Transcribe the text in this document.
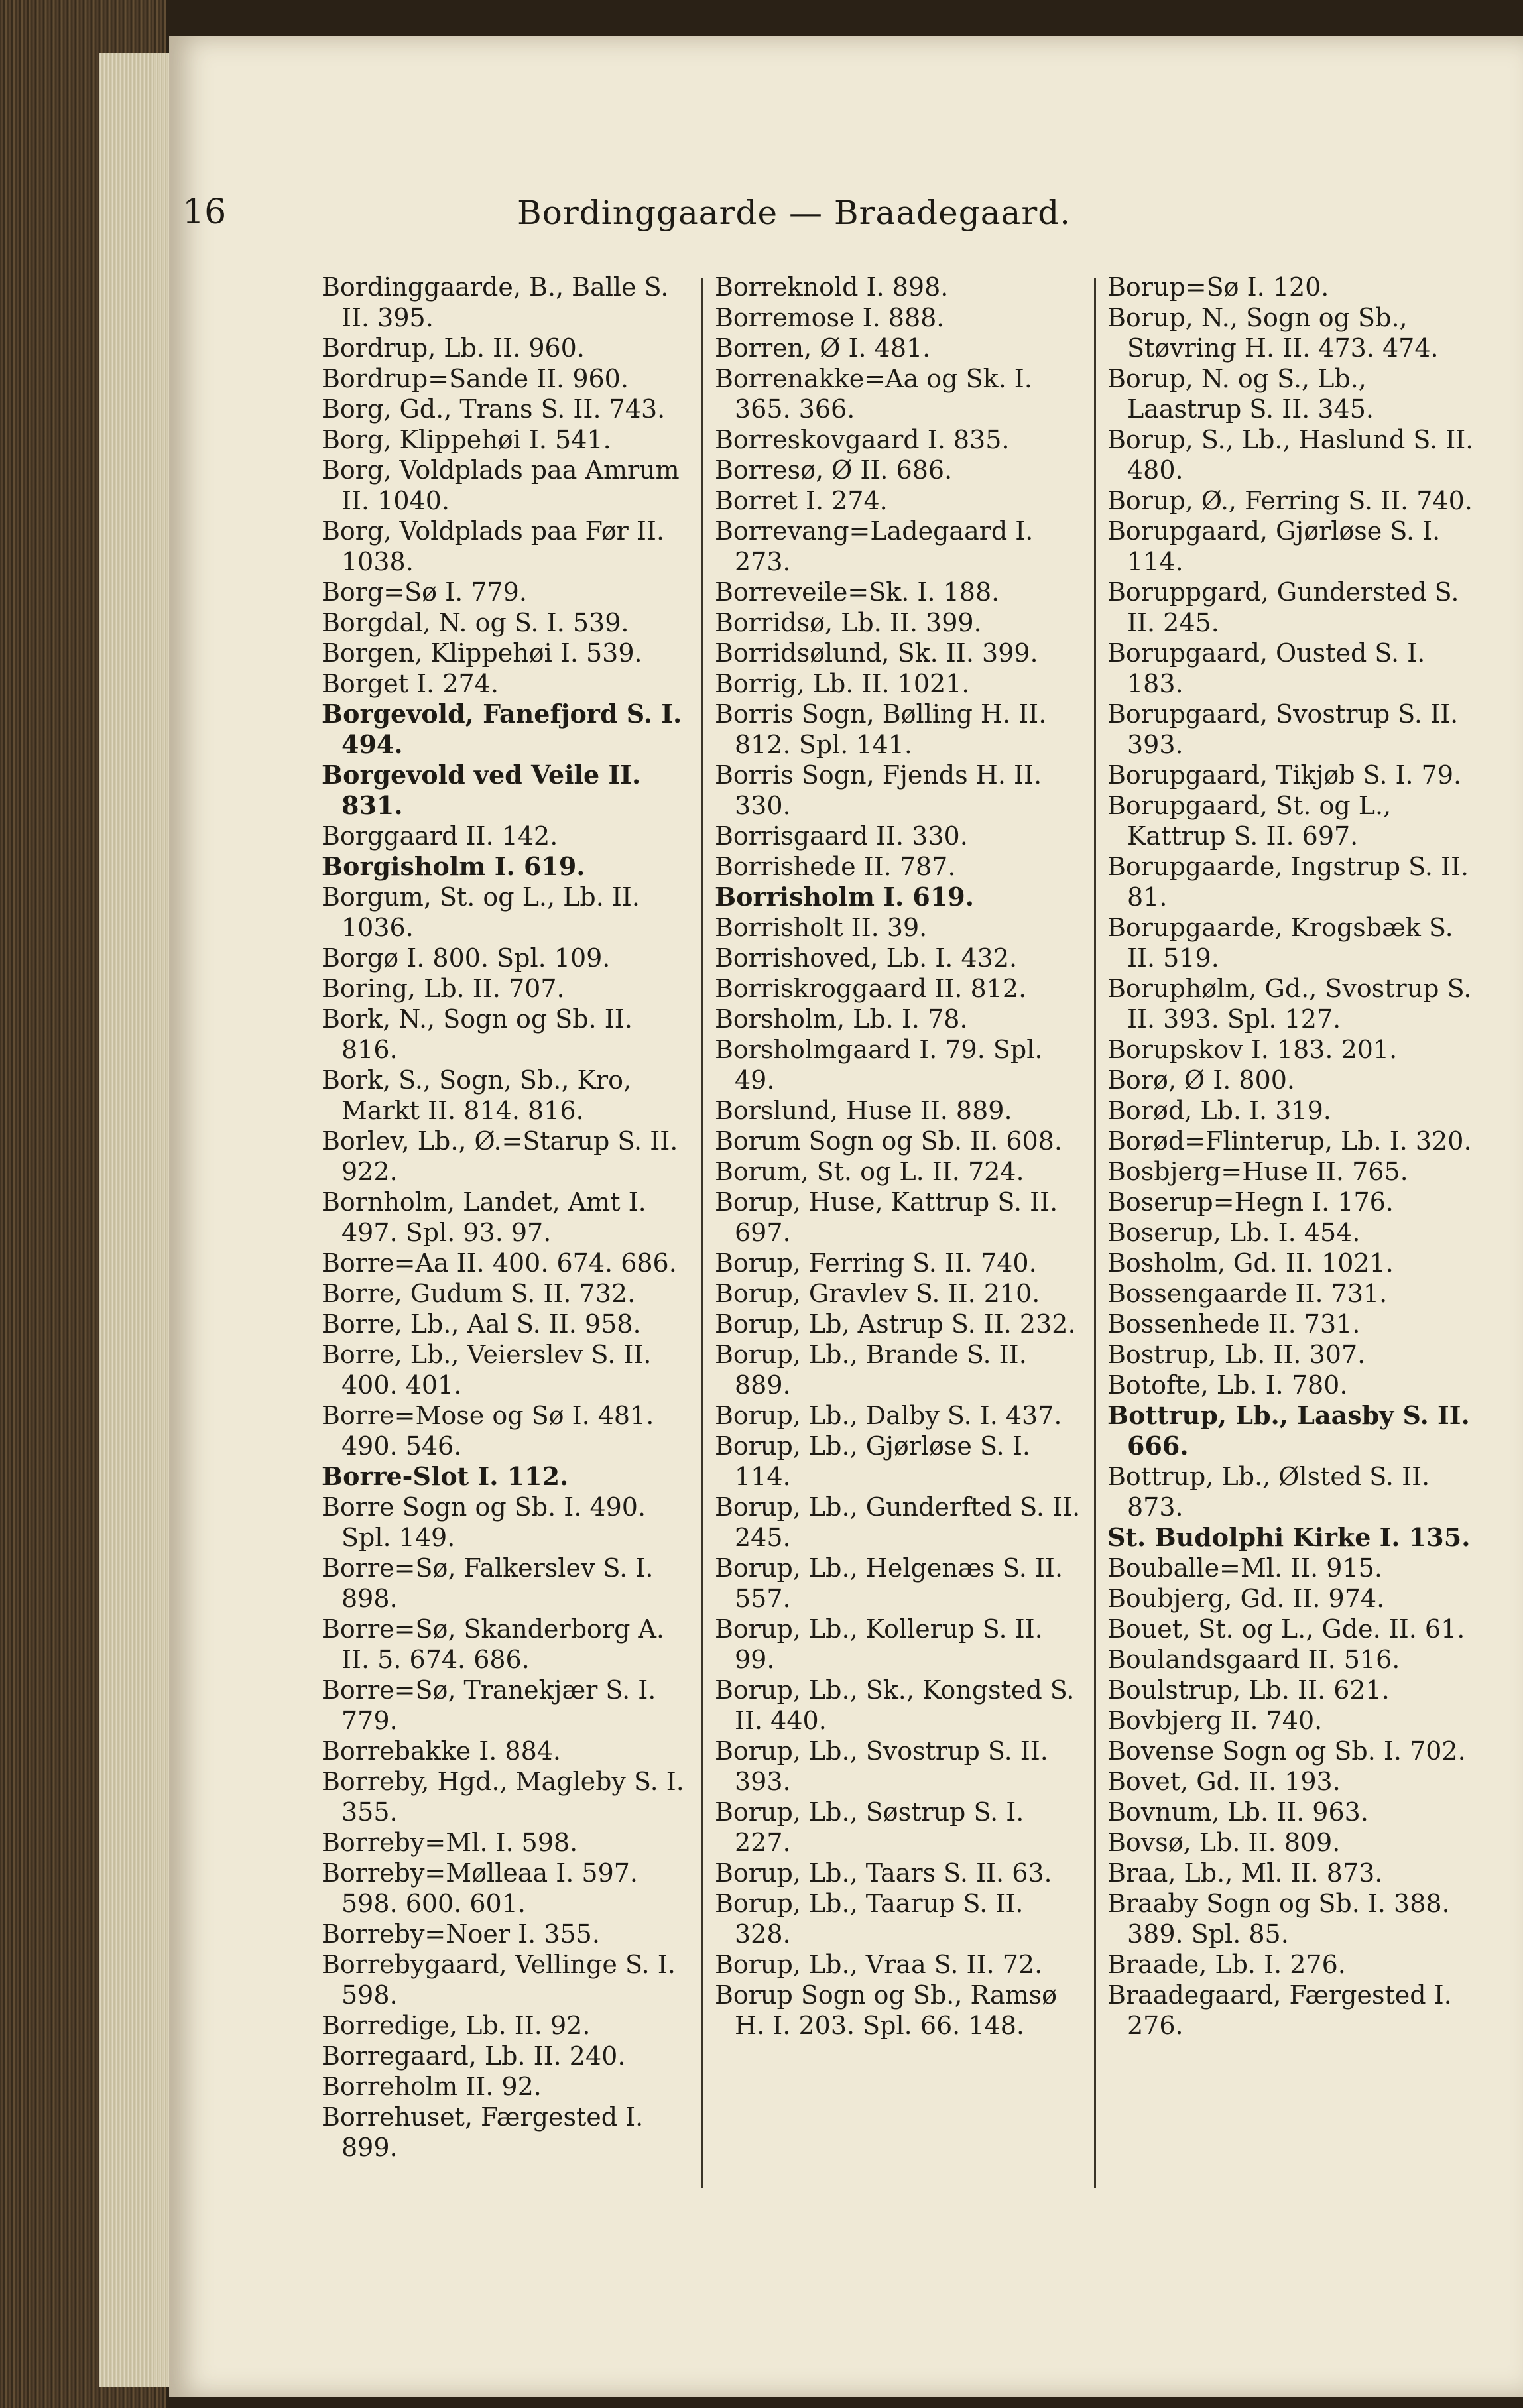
16	Bordinggaarde — Braadegaard.
Bordinggaarde, B., Balle S. II. 395.
Bordrup, Lb. II. 960.
Bordrup=Sande II. 960.
Borg, Gd., Trans S. II. 743.
Borg, Klippehøi I. 541.
Borg, Voldplads paa Amrum II. 1040.
Borg, Voldplads paa Før II. 1038.
Borg=Sø I. 779.
Borgdal, N. og S. I. 539.
Borgen, Klippehøi I. 539.
Borget I. 274.
Borgevold, Fanefjord S. I. 494.
Borgevold ved Veile II. 831.
Borggaard II. 142.
Borgisholm I. 619.
Borgum, St. og L., Lb. II. 1036.
Borgø I. 800. Spl. 109.
Boring, Lb. II. 707.
Bork, N., Sogn og Sb. II. 816.
Bork, S., Sogn, Sb., Kro, Markt II. 814. 816.
Borlev, Lb., Ø.=Starup S. II. 922.
Bornholm, Landet, Amt I. 497. Spl. 93. 97.
Borre=Aa II. 400. 674. 686.
Borre, Gudum S. II. 732.
Borre, Lb., Aal S. II. 958.
Borre, Lb., Veierslev S. II. 400. 401.
Borre=Mose og Sø I. 481. 490. 546.
Borre-Slot I. 112.
Borre Sogn og Sb. I. 490. Spl. 149.
Borre=Sø, Falkerslev S. I. 898.
Borre=Sø, Skanderborg A. II. 5. 674. 686.
Borre=Sø, Tranekjær S. I. 779.
Borrebakke I. 884.
Borreby, Hgd., Magleby S. I. 355.
Borreby=Ml. I. 598.
Borreby=Mølleaa I. 597. 598. 600. 601.
Borreby=Noer I. 355.
Borrebygaard, Vellinge S. I. 598.
Borredige, Lb. II. 92.
Borregaard, Lb. II. 240.
Borreholm II. 92.
Borrehuset, Færgested I. 899.
Borreknold I. 898.
Borremose I. 888.
Borren, Ø I. 481.
Borrenakke=Aa og Sk. I. 365. 366.
Borreskovgaard I. 835.
Borresø, Ø II. 686.
Borret I. 274.
Borrevang=Ladegaard I. 273.
Borreveile=Sk. I. 188.
Borridsø, Lb. II. 399.
Borridsølund, Sk. II. 399.
Borrig, Lb. II. 1021.
Borris Sogn, Bølling H. II. 812. Spl. 141.
Borris Sogn, Fjends H. II. 330.
Borrisgaard II. 330.
Borrishede II. 787.
Borrisholm I. 619.
Borrisholt II. 39.
Borrishoved, Lb. I. 432.
Borriskroggaard II. 812.
Borsholm, Lb. I. 78.
Borsholmgaard I. 79. Spl. 49.
Borslund, Huse II. 889.
Borum Sogn og Sb. II. 608.
Borum, St. og L. II. 724.
Borup, Huse, Kattrup S. II. 697.
Borup, Ferring S. II. 740.
Borup, Gravlev S. II. 210.
Borup, Lb, Astrup S. II. 232.
Borup, Lb., Brande S. II. 889.
Borup, Lb., Dalby S. I. 437.
Borup, Lb., Gjørløse S. I. 114.
Borup, Lb., Gunderfted S. II. 245.
Borup, Lb., Helgenæs S. II. 557.
Borup, Lb., Kollerup S. II. 99.
Borup, Lb., Sk., Kongsted S. II. 440.
Borup, Lb., Svostrup S. II. 393.
Borup, Lb., Søstrup S. I. 227.
Borup, Lb., Taars S. II. 63.
Borup, Lb., Taarup S. II. 328.
Borup, Lb., Vraa S. II. 72.
Borup Sogn og Sb., Ramsø H. I. 203. Spl. 66. 148.
Borup=Sø I. 120.
Borup, N., Sogn og Sb., Støvring H. II. 473. 474.
Borup, N. og S., Lb., Laastrup S. II. 345.
Borup, S., Lb., Haslund S. II. 480.
Borup, Ø., Ferring S. II. 740.
Borupgaard, Gjørløse S. I. 114.
Boruppgard, Gundersted S. II. 245.
Borupgaard, Ousted S. I. 183.
Borupgaard, Svostrup S. II. 393.
Borupgaard, Tikjøb S. I. 79.
Borupgaard, St. og L., Kattrup S. II. 697.
Borupgaarde, Ingstrup S. II. 81.
Borupgaarde, Krogsbæk S. II. 519.
Boruphølm, Gd., Svostrup S. II. 393. Spl. 127.
Borupskov I. 183. 201.
Borø, Ø I. 800.
Borød, Lb. I. 319.
Borød=Flinterup, Lb. I. 320.
Bosbjerg=Huse II. 765.
Boserup=Hegn I. 176.
Boserup, Lb. I. 454.
Bosholm, Gd. II. 1021.
Bossengaarde II. 731.
Bossenhede II. 731.
Bostrup, Lb. II. 307.
Botofte, Lb. I. 780.
Bottrup, Lb., Laasby S. II. 666.
Bottrup, Lb., Ølsted S. II. 873.
St. Budolphi Kirke I. 135.
Bouballe=Ml. II. 915.
Boubjerg, Gd. II. 974.
Bouet, St. og L., Gde. II. 61.
Boulandsgaard II. 516.
Boulstrup, Lb. II. 621.
Bovbjerg II. 740.
Bovense Sogn og Sb. I. 702.
Bovet, Gd. II. 193.
Bovnum, Lb. II. 963.
Bovsø, Lb. II. 809.
Braa, Lb., Ml. II. 873.
Braaby Sogn og Sb. I. 388. 389. Spl. 85.
Braade, Lb. I. 276.
Braadegaard, Færgested I. 276.
